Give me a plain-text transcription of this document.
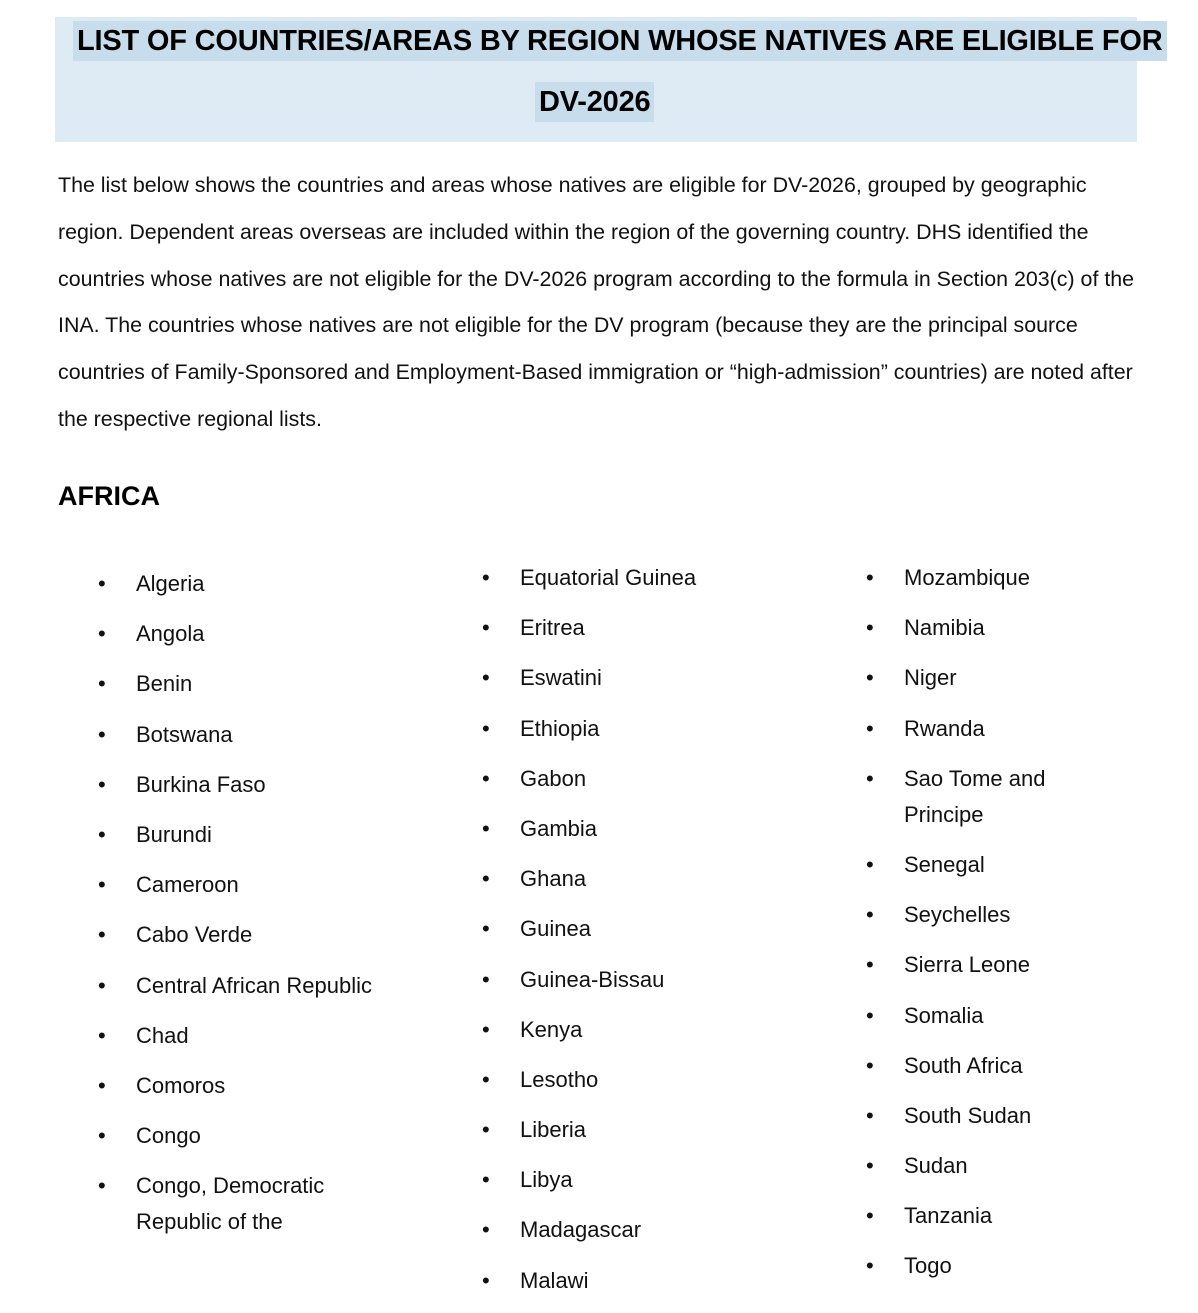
LIST OF COUNTRIES/AREAS BY REGION WHOSE NATIVES ARE ELIGIBLE FOR
DV-2026

The list below shows the countries and areas whose natives are eligible for DV-2026, grouped by geographic region. Dependent areas overseas are included within the region of the governing country. DHS identified the countries whose natives are not eligible for the DV-2026 program according to the formula in Section 203(c) of the INA. The countries whose natives are not eligible for the DV program (because they are the principal source countries of Family-Sponsored and Employment-Based immigration or “high-admission” countries) are noted after the respective regional lists.

AFRICA
• Algeria
• Angola
• Benin
• Botswana
• Burkina Faso
• Burundi
• Cameroon
• Cabo Verde
• Central African Republic
• Chad
• Comoros
• Congo
• Congo, Democratic Republic of the
• Equatorial Guinea
• Eritrea
• Eswatini
• Ethiopia
• Gabon
• Gambia
• Ghana
• Guinea
• Guinea-Bissau
• Kenya
• Lesotho
• Liberia
• Libya
• Madagascar
• Malawi
• Mozambique
• Namibia
• Niger
• Rwanda
• Sao Tome and Principe
• Senegal
• Seychelles
• Sierra Leone
• Somalia
• South Africa
• South Sudan
• Sudan
• Tanzania
• Togo
